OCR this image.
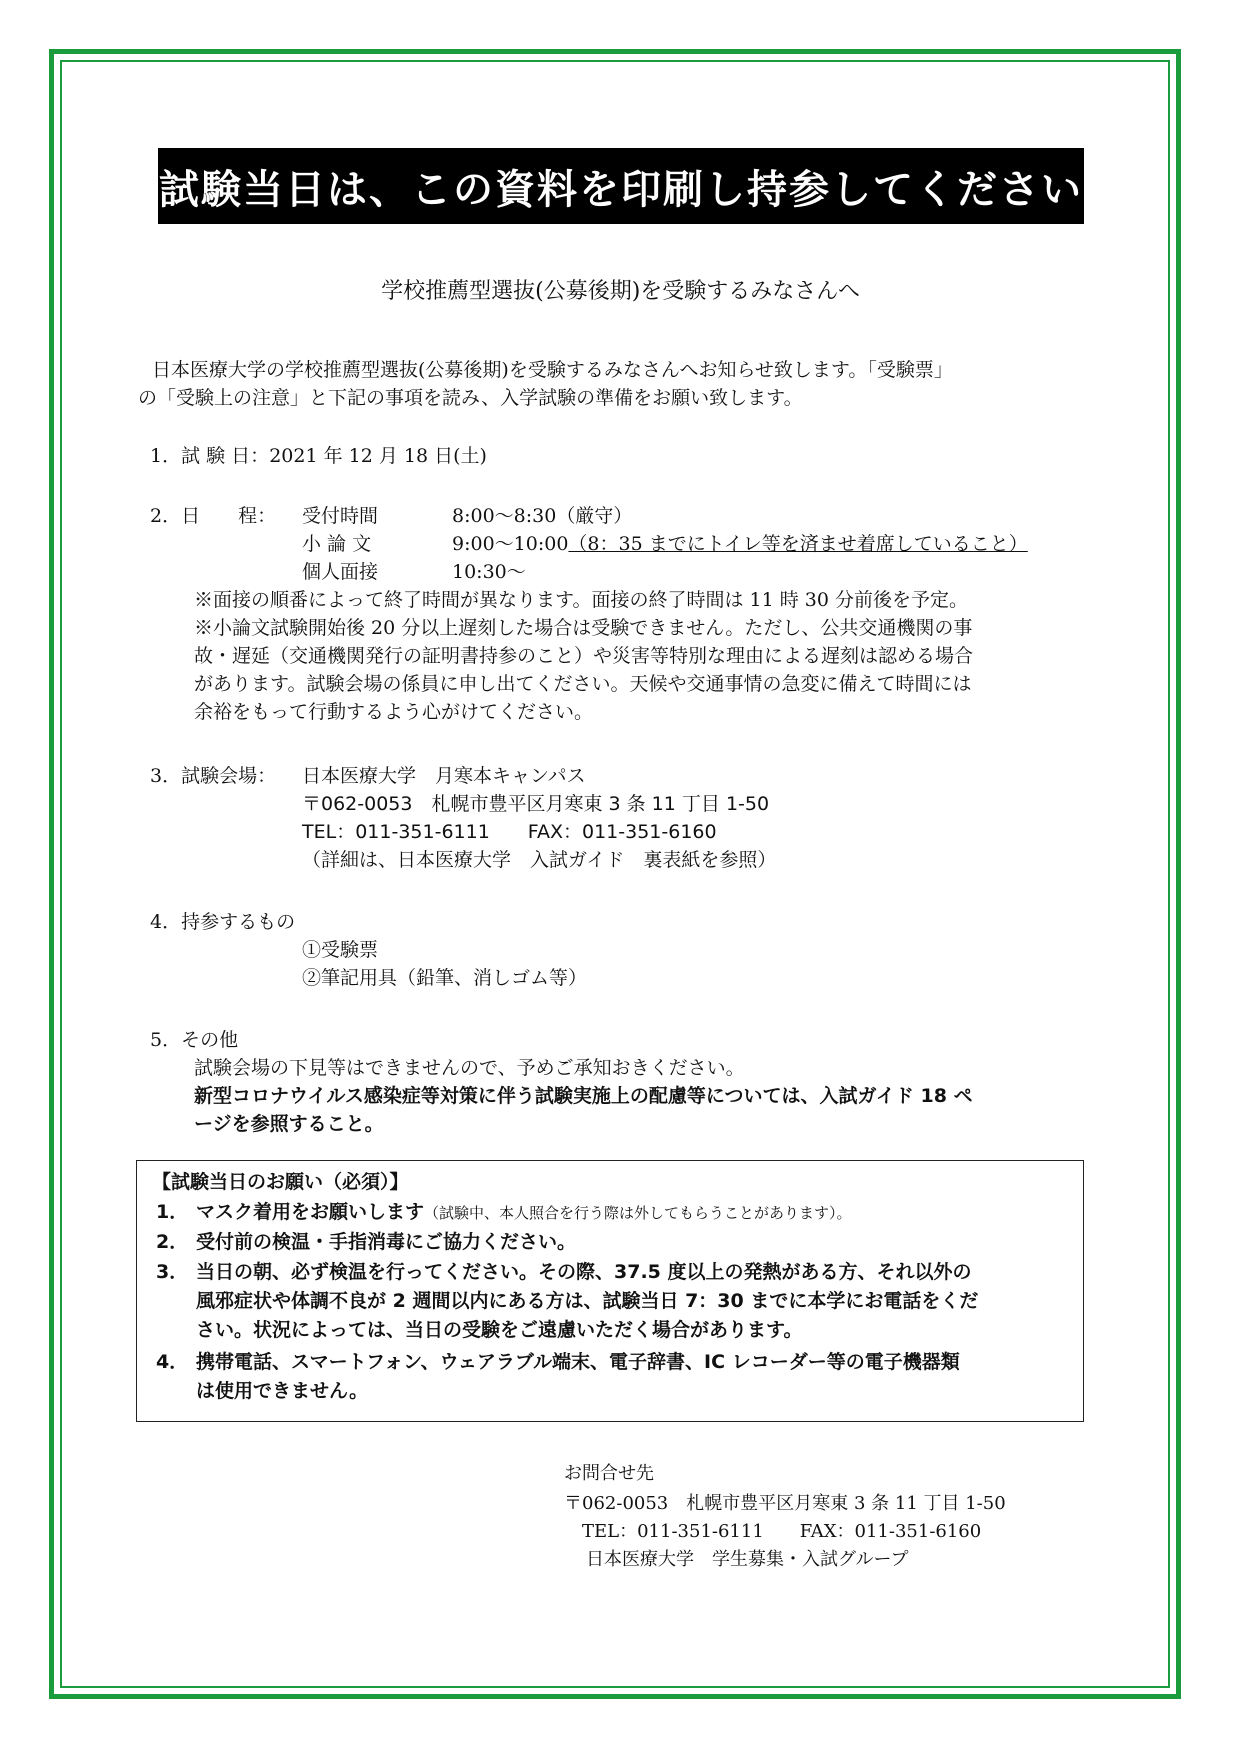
試験当日は、この資料を印刷し持参してください
学校推薦型選抜(公募後期)を受験するみなさんへ

日本医療大学の学校推薦型選抜(公募後期)を受験するみなさんへお知らせ致します。「受験票」

の「受験上の注意」と下記の事項を読み、入学試験の準備をお願い致します。

1．試 験 日：2021 年 12 月 18 日(土)
2．日　　程： 受付時間	8:00〜8:30（厳守）
小 論 文	9:00〜10:00（8：35 までにトイレ等を済ませ着席していること）
個人面接	10:30〜
※面接の順番によって終了時間が異なります。面接の終了時間は 11 時 30 分前後を予定。
※小論文試験開始後 20 分以上遅刻した場合は受験できません。ただし、公共交通機関の事
故・遅延（交通機関発行の証明書持参のこと）や災害等特別な理由による遅刻は認める場合
があります。試験会場の係員に申し出てください。天候や交通事情の急変に備えて時間には
余裕をもって行動するよう心がけてください。
3．試験会場： 日本医療大学　月寒本キャンパス
〒062-0053　札幌市豊平区月寒東 3 条 11 丁目 1-50
TEL：011-351-6111　　FAX：011-351-6160
（詳細は、日本医療大学　入試ガイド　裏表紙を参照）
4．持参するもの
①受験票
②筆記用具（鉛筆、消しゴム等）
5．その他
試験会場の下見等はできませんので、予めご承知おきください。
新型コロナウイルス感染症等対策に伴う試験実施上の配慮等については、入試ガイド 18 ペ
ージを参照すること。
【試験当日のお願い（必須）】
1． マスク着用をお願いします（試験中、本人照合を行う際は外してもらうことがあります）。
2． 受付前の検温・手指消毒にご協力ください。
3． 当日の朝、必ず検温を行ってください。その際、37.5 度以上の発熱がある方、それ以外の
風邪症状や体調不良が 2 週間以内にある方は、試験当日 7：30 までに本学にお電話をくだ
さい。状況によっては、当日の受験をご遠慮いただく場合があります。
4． 携帯電話、スマートフォン、ウェアラブル端末、電子辞書、IC レコーダー等の電子機器類
は使用できません。
お問合せ先
〒062-0053　札幌市豊平区月寒東 3 条 11 丁目 1-50
TEL：011-351-6111　　FAX：011-351-6160
日本医療大学　学生募集・入試グループ
